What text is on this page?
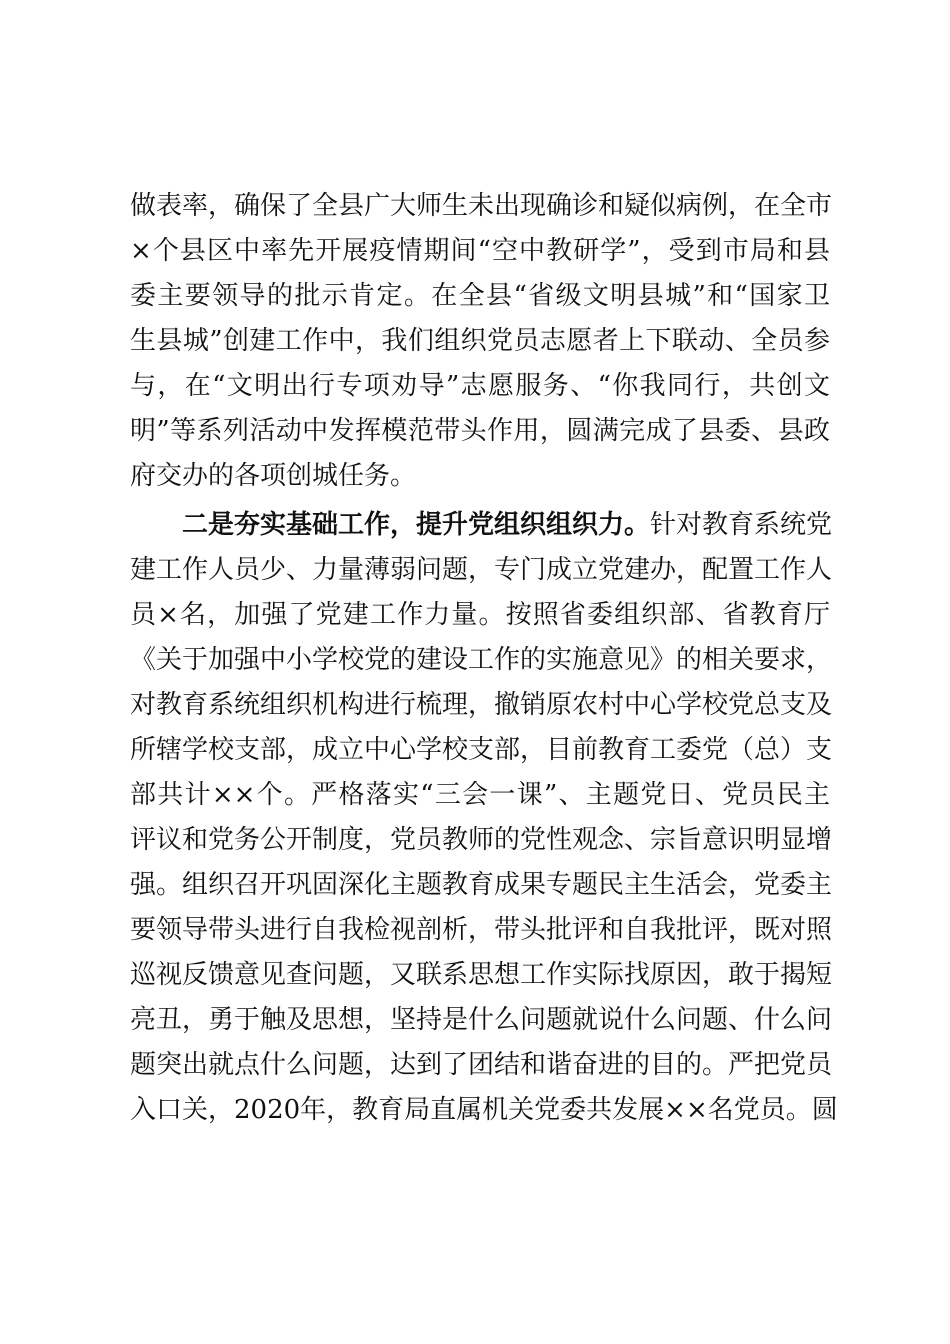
做表率，确保了全县广大师生未出现确诊和疑似病例，在全市
×个县区中率先开展疫情期间“空中教研学”，受到市局和县
委主要领导的批示肯定。在全县“省级文明县城”和“国家卫
生县城”创建工作中，我们组织党员志愿者上下联动、全员参
与，在“文明出行专项劝导”志愿服务、“你我同行，共创文
明”等系列活动中发挥模范带头作用，圆满完成了县委、县政
府交办的各项创城任务。
二是夯实基础工作，提升党组织组织力。针对教育系统党
建工作人员少、力量薄弱问题，专门成立党建办，配置工作人
员×名，加强了党建工作力量。按照省委组织部、省教育厅
《关于加强中小学校党的建设工作的实施意见》的相关要求，
对教育系统组织机构进行梳理，撤销原农村中心学校党总支及
所辖学校支部，成立中心学校支部，目前教育工委党（总）支
部共计××个。严格落实“三会一课”、主题党日、党员民主
评议和党务公开制度，党员教师的党性观念、宗旨意识明显增
强。组织召开巩固深化主题教育成果专题民主生活会，党委主
要领导带头进行自我检视剖析，带头批评和自我批评，既对照
巡视反馈意见查问题，又联系思想工作实际找原因，敢于揭短
亮丑，勇于触及思想，坚持是什么问题就说什么问题、什么问
题突出就点什么问题，达到了团结和谐奋进的目的。严把党员
入口关，2020年，教育局直属机关党委共发展××名党员。圆
